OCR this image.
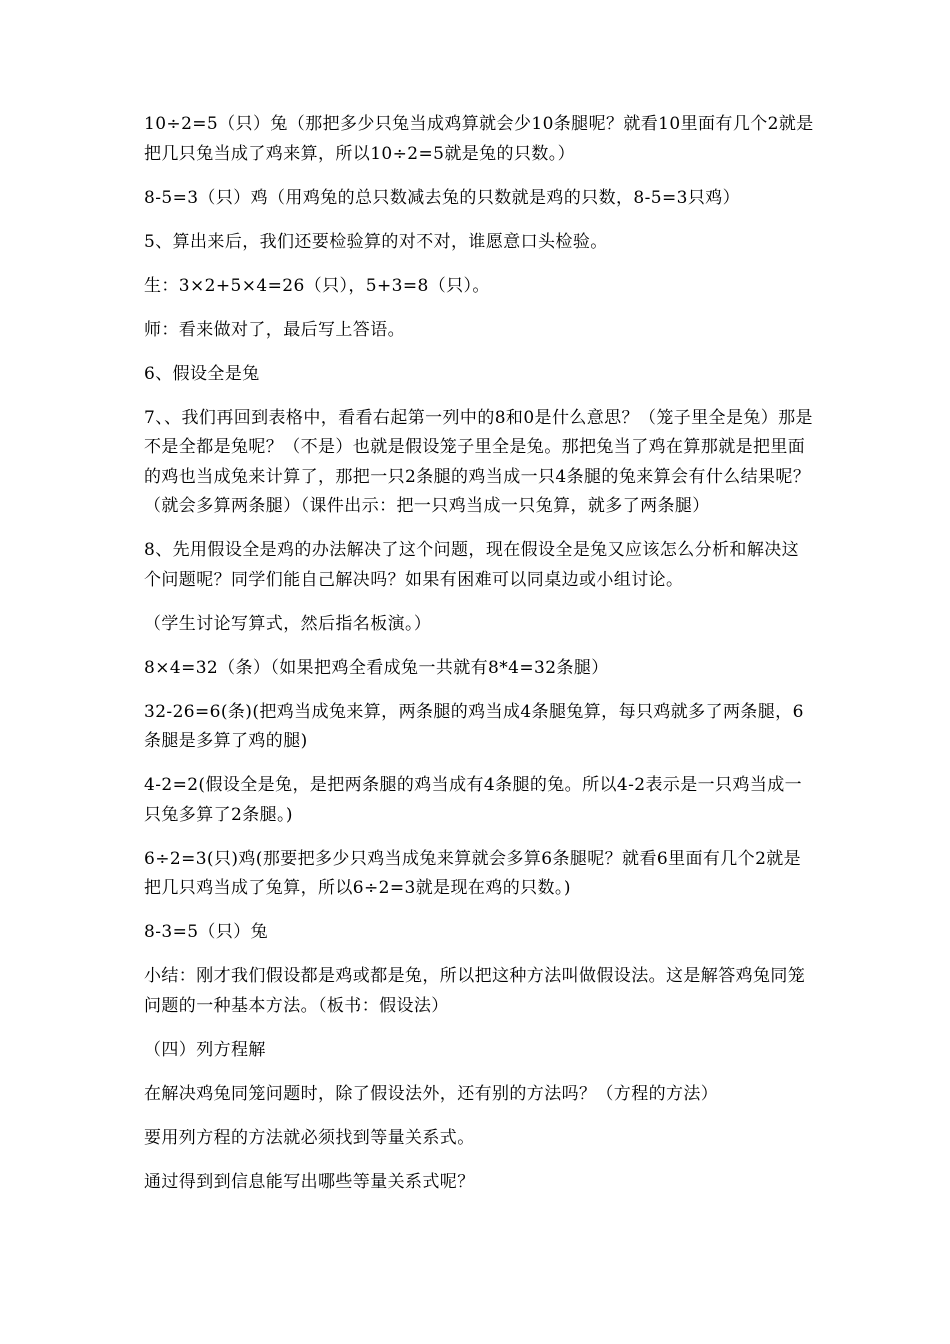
10÷2=5（只）兔（那把多少只兔当成鸡算就会少10条腿呢？就看10里面有几个2就是把几只兔当成了鸡来算，所以10÷2=5就是兔的只数。）

8-5=3（只）鸡（用鸡兔的总只数减去兔的只数就是鸡的只数，8-5=3只鸡）

5、算出来后，我们还要检验算的对不对，谁愿意口头检验。

生：3×2+5×4=26（只），5+3=8（只）。

师：看来做对了，最后写上答语。

6、假设全是兔

7、、我们再回到表格中，看看右起第一列中的8和0是什么意思？（笼子里全是兔）那是不是全都是兔呢？（不是）也就是假设笼子里全是兔。那把兔当了鸡在算那就是把里面的鸡也当成兔来计算了，那把一只2条腿的鸡当成一只4条腿的兔来算会有什么结果呢？（就会多算两条腿）（课件出示：把一只鸡当成一只兔算，就多了两条腿）

8、先用假设全是鸡的办法解决了这个问题，现在假设全是兔又应该怎么分析和解决这个问题呢？同学们能自己解决吗？如果有困难可以同桌边或小组讨论。

（学生讨论写算式，然后指名板演。）

8×4=32（条）（如果把鸡全看成兔一共就有8*4=32条腿）

32-26=6(条)(把鸡当成兔来算，两条腿的鸡当成4条腿兔算，每只鸡就多了两条腿，6条腿是多算了鸡的腿)

4-2=2(假设全是兔，是把两条腿的鸡当成有4条腿的兔。所以4-2表示是一只鸡当成一只兔多算了2条腿。)

6÷2=3(只)鸡(那要把多少只鸡当成兔来算就会多算6条腿呢？就看6里面有几个2就是把几只鸡当成了兔算，所以6÷2=3就是现在鸡的只数。)

8-3=5（只）兔

小结：刚才我们假设都是鸡或都是兔，所以把这种方法叫做假设法。这是解答鸡兔同笼问题的一种基本方法。（板书：假设法）

（四）列方程解

在解决鸡兔同笼问题时，除了假设法外，还有别的方法吗？（方程的方法）

要用列方程的方法就必须找到等量关系式。

通过得到到信息能写出哪些等量关系式呢？
